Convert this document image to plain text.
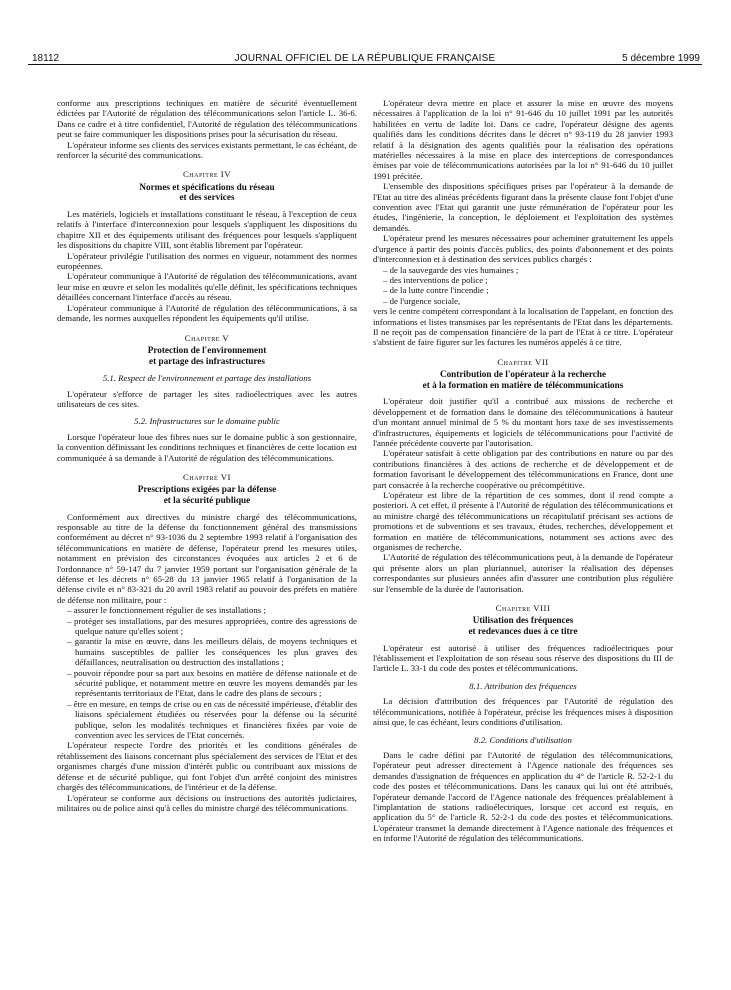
18112	JOURNAL OFFICIEL DE LA RÉPUBLIQUE FRANÇAISE	5 décembre 1999

conforme aux prescriptions techniques en matière de sécurité éventuellement édictées par l'Autorité de régulation des télécommunications selon l'article L. 36-6. Dans ce cadre et à titre confidentiel, l'Autorité de régulation des télécommunications peut se faire communiquer les dispositions prises pour la sécurisation du réseau.

L'opérateur informe ses clients des services existants permettant, le cas échéant, de renforcer la sécurité des communications.

Chapitre IV
Normes et spécifications du réseau
et des services

Les matériels, logiciels et installations constituant le réseau, à l'exception de ceux relatifs à l'interface d'interconnexion pour lesquels s'appliquent les dispositions du chapitre XII et des équipements utilisant des fréquences pour lesquels s'appliquent les dispositions du chapitre VIII, sont établis librement par l'opérateur.

L'opérateur privilégie l'utilisation des normes en vigueur, notamment des normes européennes.

L'opérateur communique à l'Autorité de régulation des télécommunications, avant leur mise en œuvre et selon les modalités qu'elle définit, les spécifications techniques détaillées concernant l'interface d'accès au réseau.

L'opérateur communique à l'Autorité de régulation des télécommunications, à sa demande, les normes auxquelles répondent les équipements qu'il utilise.

Chapitre V
Protection de l'environnement
et partage des infrastructures
5.1. Respect de l'environnement et partage des installations

L'opérateur s'efforce de partager les sites radioélectriques avec les autres utilisateurs de ces sites.

5.2. Infrastructures sur le domaine public

Lorsque l'opérateur loue des fibres nues sur le domaine public à son gestionnaire, la convention définissant les conditions techniques et financières de cette location est communiquée à sa demande à l'Autorité de régulation des télécommunications.

Chapitre VI
Prescriptions exigées par la défense
et la sécurité publique

Conformément aux directives du ministre chargé des télécommunications, responsable au titre de la défense du fonctionnement général des transmissions conformément au décret n° 93-1036 du 2 septembre 1993 relatif à l'organisation des télécommunications en matière de défense, l'opérateur prend les mesures utiles, notamment en prévision des circonstances évoquées aux articles 2 et 6 de l'ordonnance n° 59-147 du 7 janvier 1959 portant sur l'organisation générale de la défense et les décrets n° 65-28 du 13 janvier 1965 relatif à l'organisation de la défense civile et n° 83-321 du 20 avril 1983 relatif au pouvoir des préfets en matière de défense non militaire, pour :

– assurer le fonctionnement régulier de ses installations ;
– protéger ses installations, par des mesures appropriées, contre des agressions de quelque nature qu'elles soient ;
– garantir la mise en œuvre, dans les meilleurs délais, de moyens techniques et humains susceptibles de pallier les conséquences les plus graves des défaillances, neutralisation ou destruction des installations ;
– pouvoir répondre pour sa part aux besoins en matière de défense nationale et de sécurité publique, et notamment mettre en œuvre les moyens demandés par les représentants territoriaux de l'Etat, dans le cadre des plans de secours ;
– être en mesure, en temps de crise ou en cas de nécessité impérieuse, d'établir des liaisons spécialement étudiées ou réservées pour la défense ou la sécurité publique, selon les modalités techniques et financières fixées par voie de convention avec les services de l'Etat concernés.

L'opérateur respecte l'ordre des priorités et les conditions générales de rétablissement des liaisons concernant plus spécialement des services de l'Etat et des organismes chargés d'une mission d'intérêt public ou contribuant aux missions de défense et de sécurité publique, qui font l'objet d'un arrêté conjoint des ministres chargés des télécommunications, de l'intérieur et de la défense.

L'opérateur se conforme aux décisions ou instructions des autorités judiciaires, militaires ou de police ainsi qu'à celles du ministre chargé des télécommunications.

L'opérateur devra mettre en place et assurer la mise en œuvre des moyens nécessaires à l'application de la loi n° 91-646 du 10 juillet 1991 par les autorités habilitées en vertu de ladite loi. Dans ce cadre, l'opérateur désigne des agents qualifiés dans les conditions décrites dans le décret n° 93-119 du 28 janvier 1993 relatif à la désignation des agents qualifiés pour la réalisation des opérations matérielles nécessaires à la mise en place des interceptions de correspondances émises par voie de télécommunications autorisées par la loi n° 91-646 du 10 juillet 1991 précitée.

L'ensemble des dispositions spécifiques prises par l'opérateur à la demande de l'Etat au titre des alinéas précédents figurant dans la présente clause font l'objet d'une convention avec l'Etat qui garantit une juste rémunération de l'opérateur pour les études, l'ingénierie, la conception, le déploiement et l'exploitation des systèmes demandés.

L'opérateur prend les mesures nécessaires pour acheminer gratuitement les appels d'urgence à partir des points d'accès publics, des points d'abonnement et des points d'interconnexion et à destination des services publics chargés :

– de la sauvegarde des vies humaines ;
– des interventions de police ;
– de la lutte contre l'incendie ;
– de l'urgence sociale,

vers le centre compétent correspondant à la localisation de l'appelant, en fonction des informations et listes transmises par les représentants de l'Etat dans les départements. Il ne reçoit pas de compensation financière de la part de l'Etat à ce titre. L'opérateur s'abstient de faire figurer sur les factures les numéros appelés à ce titre.

Chapitre VII
Contribution de l'opérateur à la recherche
et à la formation en matière de télécommunications

L'opérateur doit justifier qu'il a contribué aux missions de recherche et développement et de formation dans le domaine des télécommunications à hauteur d'un montant annuel minimal de 5 % du montant hors taxe de ses investissements d'infrastructures, équipements et logiciels de télécommunications pour l'activité de l'année précédente couverte par l'autorisation.

L'opérateur satisfait à cette obligation par des contributions en nature ou par des contributions financières à des actions de recherche et de développement et de formation favorisant le développement des télécommunications en France, dont une part consacrée à la recherche coopérative ou précompétitive.

L'opérateur est libre de la répartition de ces sommes, dont il rend compte a posteriori. A cet effet, il présente à l'Autorité de régulation des télécommunications et au ministre chargé des télécommunications un récapitulatif précisant ses actions de promotions et de subventions et ses travaux, études, recherches, développement et formation en matière de télécommunications, notamment ses actions avec des organismes de recherche.

L'Autorité de régulation des télécommunications peut, à la demande de l'opérateur qui présente alors un plan pluriannuel, autoriser la réalisation des dépenses correspondantes sur plusieurs années afin d'assurer une contribution plus régulière sur l'ensemble de la durée de l'autorisation.

Chapitre VIII
Utilisation des fréquences
et redevances dues à ce titre

L'opérateur est autorisé à utiliser des fréquences radioélectriques pour l'établissement et l'exploitation de son réseau sous réserve des dispositions du III de l'article L. 33-1 du code des postes et télécommunications.

8.1. Attribution des fréquences

La décision d'attribution des fréquences par l'Autorité de régulation des télécommunications, notifiée à l'opérateur, précise les fréquences mises à disposition ainsi que, le cas échéant, leurs conditions d'utilisation.

8.2. Conditions d'utilisation

Dans le cadre défini par l'Autorité de régulation des télécommunications, l'opérateur peut adresser directement à l'Agence nationale des fréquences ses demandes d'assignation de fréquences en application du 4° de l'article R. 52-2-1 du code des postes et télécommunications. Dans les canaux qui lui ont été attribués, l'opérateur demande l'accord de l'Agence nationale des fréquences préalablement à l'implantation de stations radioélectriques, lorsque cet accord est requis, en application du 5° de l'article R. 52-2-1 du code des postes et télécommunications. L'opérateur transmet la demande directement à l'Agence nationale des fréquences et en informe l'Autorité de régulation des télécommunications.
